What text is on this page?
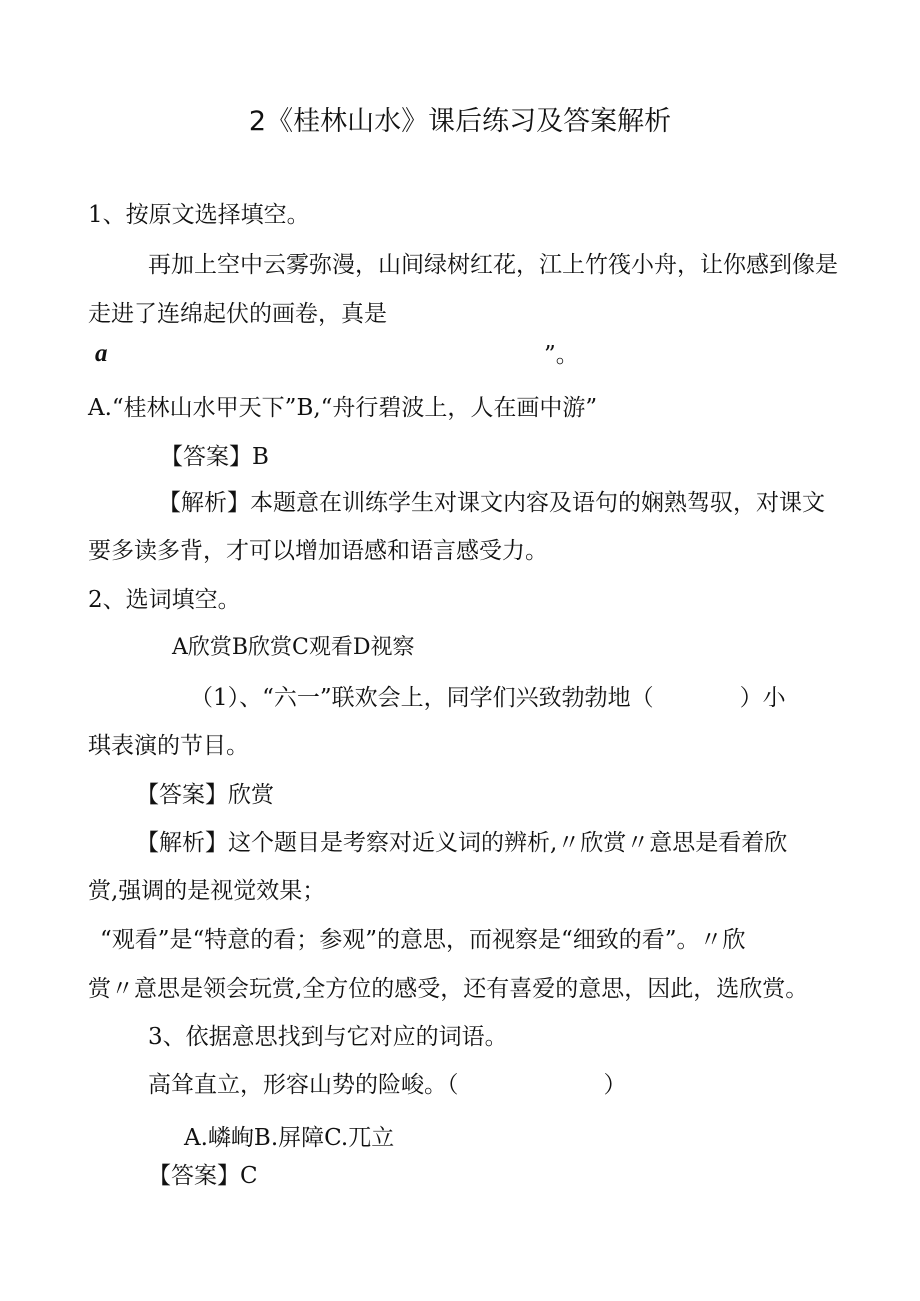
2《桂林山水》课后练习及答案解析
1、按原文选择填空。
再加上空中云雾弥漫，山间绿树红花，江上竹筏小舟，让你感到像是
走进了连绵起伏的画卷，真是
a	”。
A.“桂林山水甲天下”B,“舟行碧波上，人在画中游”
【答案】B
【解析】本题意在训练学生对课文内容及语句的娴熟驾驭，对课文
要多读多背，才可以增加语感和语言感受力。
2、选词填空。
A欣赏B欣赏C观看D视察
（1）、“六一”联欢会上，同学们兴致勃勃地（	）小
琪表演的节目。
【答案】欣赏
【解析】这个题目是考察对近义词的辨析,〃欣赏〃意思是看着欣
赏,强调的是视觉效果；
“观看”是“特意的看；参观”的意思，而视察是“细致的看”。〃欣
赏〃意思是领会玩赏,全方位的感受，还有喜爱的意思，因此，选欣赏。
3、依据意思找到与它对应的词语。
高耸直立，形容山势的险峻。（	）
A.嶙峋B.屏障C.兀立
【答案】C
